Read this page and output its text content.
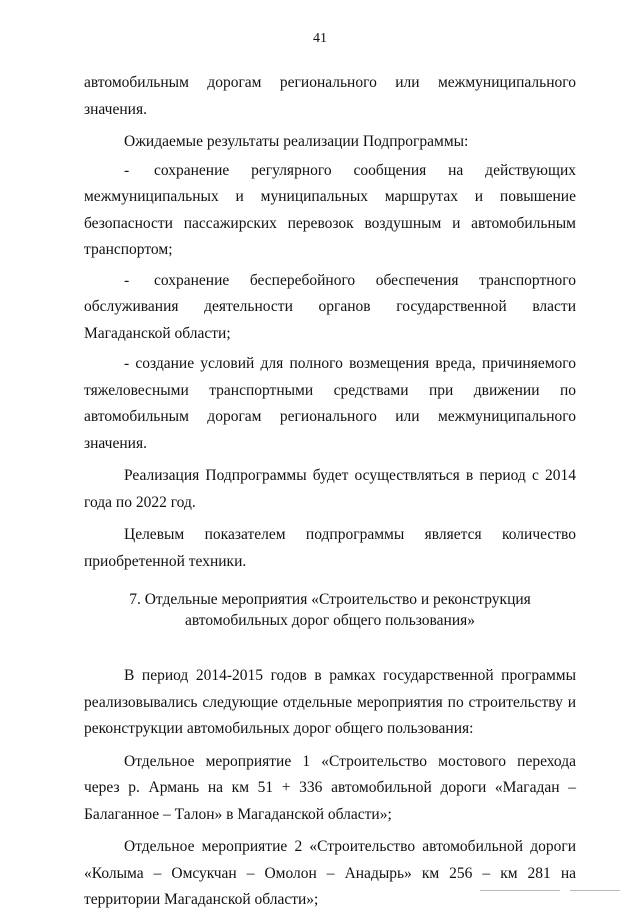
41

автомобильным дорогам регионального или межмуниципального значения.

Ожидаемые результаты реализации Подпрограммы:

- сохранение регулярного сообщения на действующих межмуниципальных и муниципальных маршрутах и повышение безопасности пассажирских перевозок воздушным и автомобильным транспортом;

- сохранение бесперебойного обеспечения транспортного обслуживания деятельности органов государственной власти Магаданской области;

- создание условий для полного возмещения вреда, причиняемого тяжеловесными транспортными средствами при движении по автомобильным дорогам регионального или межмуниципального значения.

Реализация Подпрограммы будет осуществляться в период с 2014 года по 2022 год.

Целевым показателем подпрограммы является количество приобретенной техники.

7. Отдельные мероприятия «Строительство и реконструкция
автомобильных дорог общего пользования»

В период 2014-2015 годов в рамках государственной программы реализовывались следующие отдельные мероприятия по строительству и реконструкции автомобильных дорог общего пользования:

Отдельное мероприятие 1 «Строительство мостового перехода через р. Армань на км 51 + 336 автомобильной дороги «Магадан – Балаганное – Талон» в Магаданской области»;

Отдельное мероприятие 2 «Строительство автомобильной дороги «Колыма – Омсукчан – Омолон – Анадырь» км 256 – км 281 на территории Магаданской области»;
